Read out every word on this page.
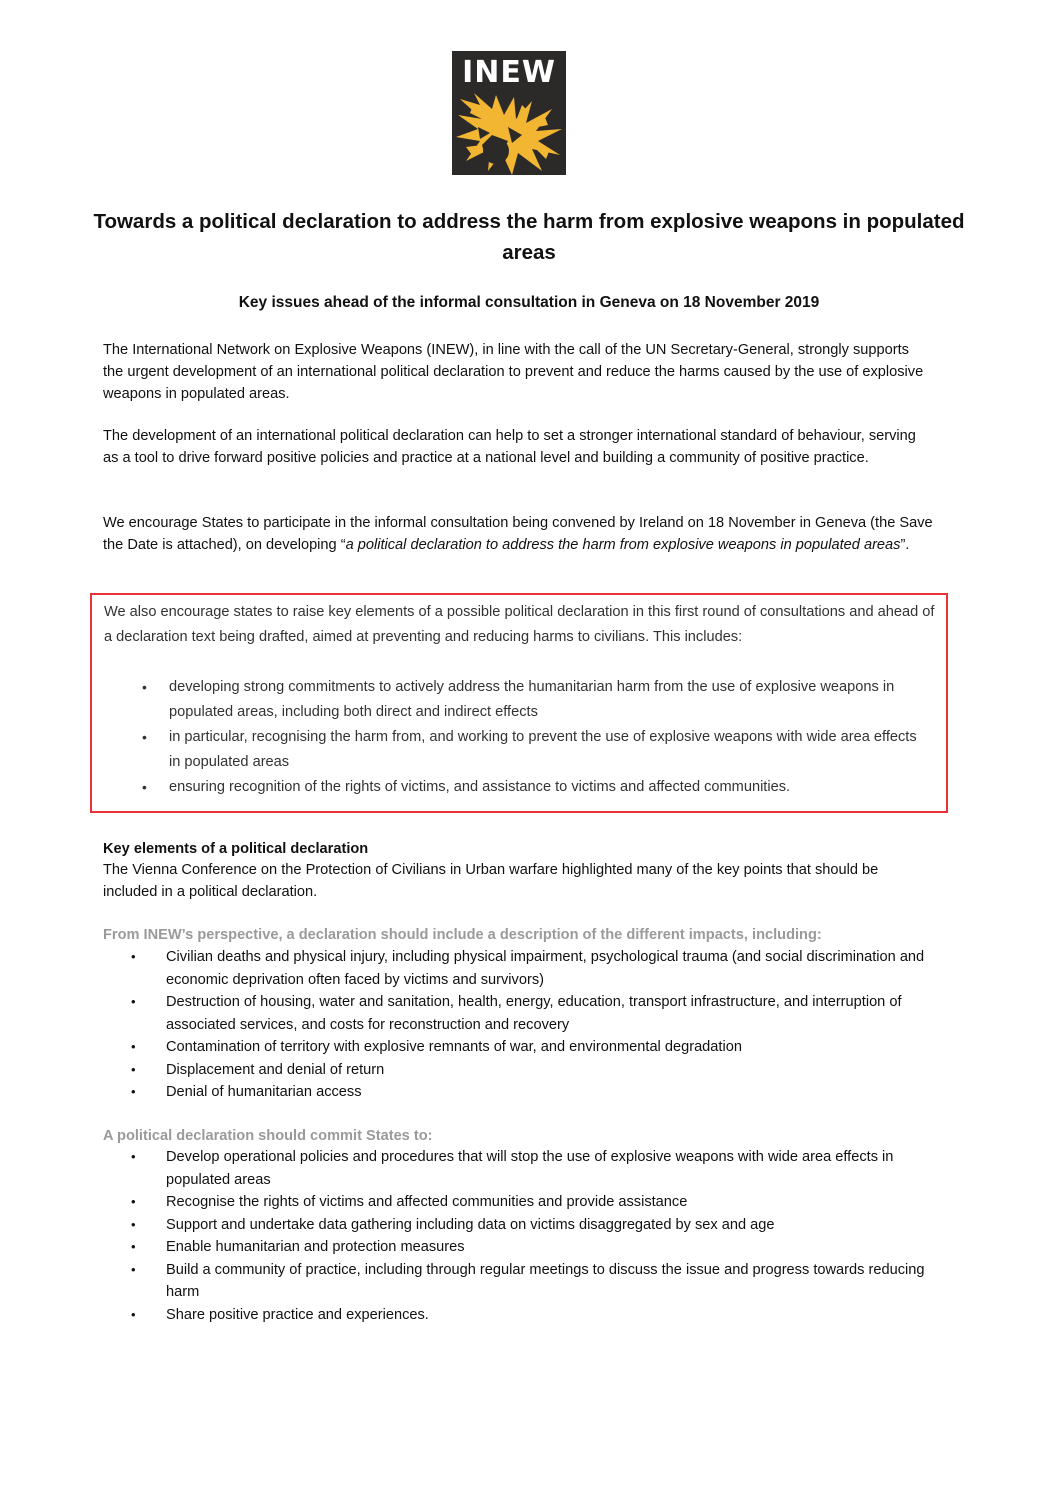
INEW
Towards a political declaration to address the harm from explosive weapons in populated areas
Key issues ahead of the informal consultation in Geneva on 18 November 2019

The International Network on Explosive Weapons (INEW), in line with the call of the UN Secretary-General, strongly supports the urgent development of an international political declaration to prevent and reduce the harms caused by the use of explosive weapons in populated areas.

The development of an international political declaration can help to set a stronger international standard of behaviour, serving as a tool to drive forward positive policies and practice at a national level and building a community of positive practice.

We encourage States to participate in the informal consultation being convened by Ireland on 18 November in Geneva (the Save the Date is attached), on developing “a political declaration to address the harm from explosive weapons in populated areas”.

We also encourage states to raise key elements of a possible political declaration in this first round of consultations and ahead of a declaration text being drafted, aimed at preventing and reducing harms to civilians. This includes:

• developing strong commitments to actively address the humanitarian harm from the use of explosive weapons in populated areas, including both direct and indirect effects
• in particular, recognising the harm from, and working to prevent the use of explosive weapons with wide area effects in populated areas
• ensuring recognition of the rights of victims, and assistance to victims and affected communities.
Key elements of a political declaration

The Vienna Conference on the Protection of Civilians in Urban warfare highlighted many of the key points that should be included in a political declaration.

From INEW’s perspective, a declaration should include a description of the different impacts, including:
• Civilian deaths and physical injury, including physical impairment, psychological trauma (and social discrimination and economic deprivation often faced by victims and survivors)
• Destruction of housing, water and sanitation, health, energy, education, transport infrastructure, and interruption of associated services, and costs for reconstruction and recovery
• Contamination of territory with explosive remnants of war, and environmental degradation
• Displacement and denial of return
• Denial of humanitarian access
A political declaration should commit States to:
• Develop operational policies and procedures that will stop the use of explosive weapons with wide area effects in populated areas
• Recognise the rights of victims and affected communities and provide assistance
• Support and undertake data gathering including data on victims disaggregated by sex and age
• Enable humanitarian and protection measures
• Build a community of practice, including through regular meetings to discuss the issue and progress towards reducing harm
• Share positive practice and experiences.
